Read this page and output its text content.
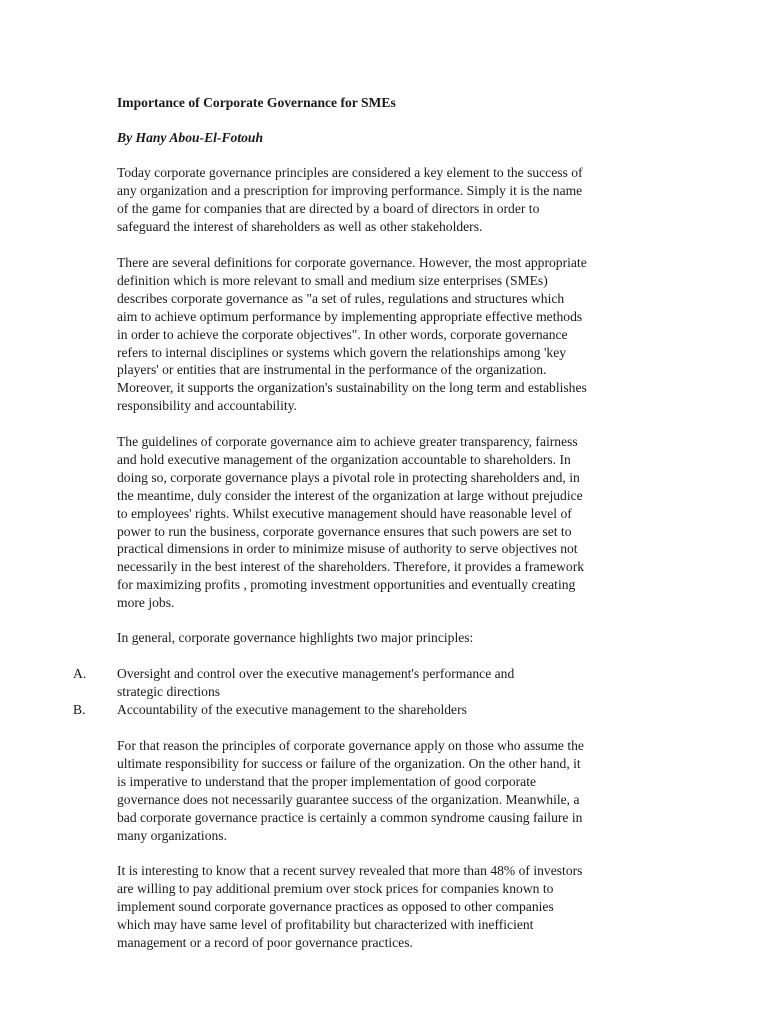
Importance of Corporate Governance for SMEs
By Hany Abou-El-Fotouh
Today corporate governance principles are considered a key element to the success of
any organization and a prescription for improving performance. Simply it is the name
of the game for companies that are directed by a board of directors in order to
safeguard the interest of shareholders as well as other stakeholders.
There are several definitions for corporate governance. However, the most appropriate
definition which is more relevant to small and medium size enterprises (SMEs)
describes corporate governance as "a set of rules, regulations and structures which
aim to achieve optimum performance by implementing appropriate effective methods
in order to achieve the corporate objectives". In other words, corporate governance
refers to internal disciplines or systems which govern the relationships among 'key
players' or entities that are instrumental in the performance of the organization.
Moreover, it supports the organization's sustainability on the long term and establishes
responsibility and accountability.
The guidelines of corporate governance aim to achieve greater transparency, fairness
and hold executive management of the organization accountable to shareholders. In
doing so, corporate governance plays a pivotal role in protecting shareholders and, in
the meantime, duly consider the interest of the organization at large without prejudice
to employees' rights. Whilst executive management should have reasonable level of
power to run the business, corporate governance ensures that such powers are set to
practical dimensions in order to minimize misuse of authority to serve objectives not
necessarily in the best interest of the shareholders. Therefore, it provides a framework
for maximizing profits , promoting investment opportunities and eventually creating
more jobs.
In general, corporate governance highlights two major principles:
A. Oversight and control over the executive management's performance and
strategic directions
B. Accountability of the executive management to the shareholders
For that reason the principles of corporate governance apply on those who assume the
ultimate responsibility for success or failure of the organization. On the other hand, it
is imperative to understand that the proper implementation of good corporate
governance does not necessarily guarantee success of the organization. Meanwhile, a
bad corporate governance practice is certainly a common syndrome causing failure in
many organizations.
It is interesting to know that a recent survey revealed that more than 48% of investors
are willing to pay additional premium over stock prices for companies known to
implement sound corporate governance practices as opposed to other companies
which may have same level of profitability but characterized with inefficient
management or a record of poor governance practices.
